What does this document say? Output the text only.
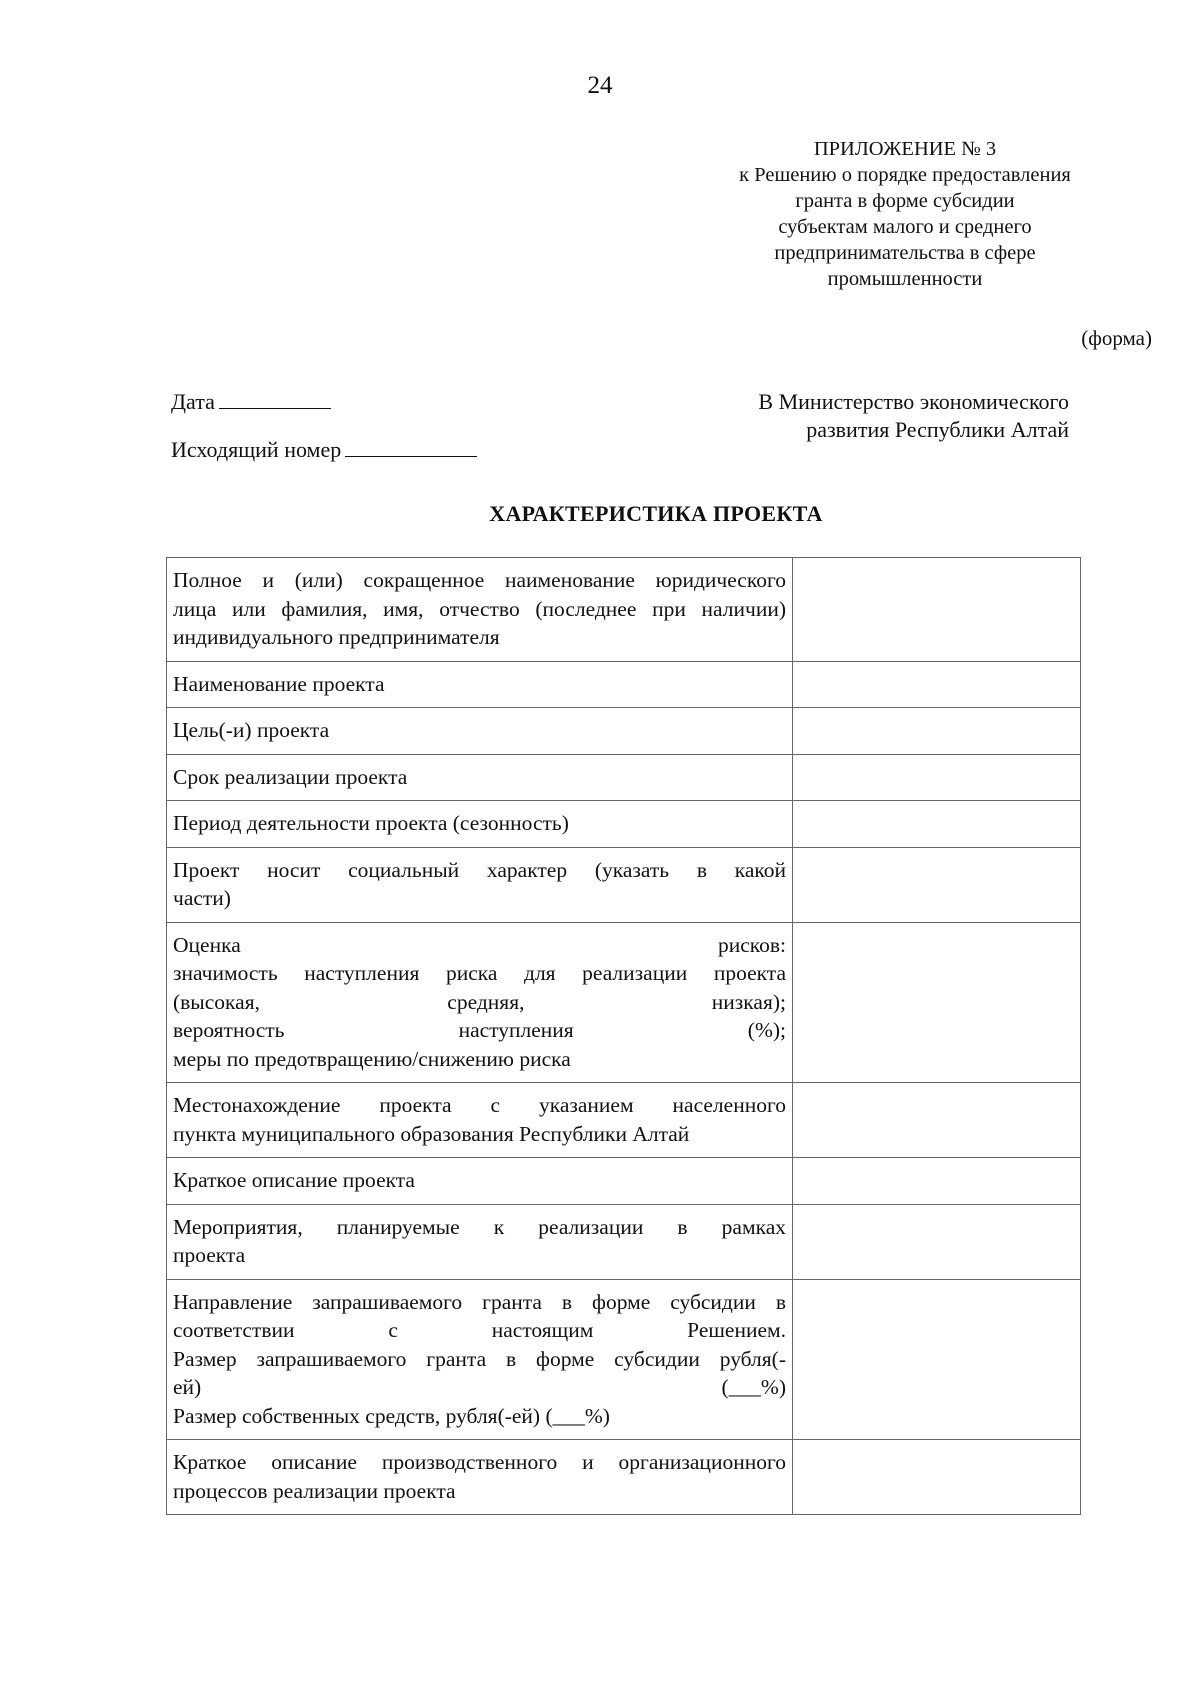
24
ПРИЛОЖЕНИЕ № 3
к Решению о порядке предоставления
гранта в форме субсидии
субъектам малого и среднего
предпринимательства в сфере
промышленности
(форма)
Дата
Исходящий номер
В Министерство экономического
развития Республики Алтай
ХАРАКТЕРИСТИКА ПРОЕКТА
Полное и (или) сокращенное наименование юридического
лица или фамилия, имя, отчество (последнее при наличии)
индивидуального предпринимателя	

Наименование проекта	

Цель(-и) проекта	

Срок реализации проекта	

Период деятельности проекта (сезонность)	

Проект носит социальный характер (указать в какой
части)	

Оценка рисков:
значимость наступления риска для реализации проекта
(высокая, средняя, низкая);
вероятность наступления (%);
меры по предотвращению/снижению риска	

Местонахождение проекта с указанием населенного
пункта муниципального образования Республики Алтай	

Краткое описание проекта	

Мероприятия, планируемые к реализации в рамках
проекта	

Направление запрашиваемого гранта в форме субсидии в
соответствии с настоящим Решением.
Размер запрашиваемого гранта в форме субсидии рубля(-
ей) (___%)
Размер собственных средств, рубля(-ей) (___%)	

Краткое описание производственного и организационного
процессов реализации проекта	
